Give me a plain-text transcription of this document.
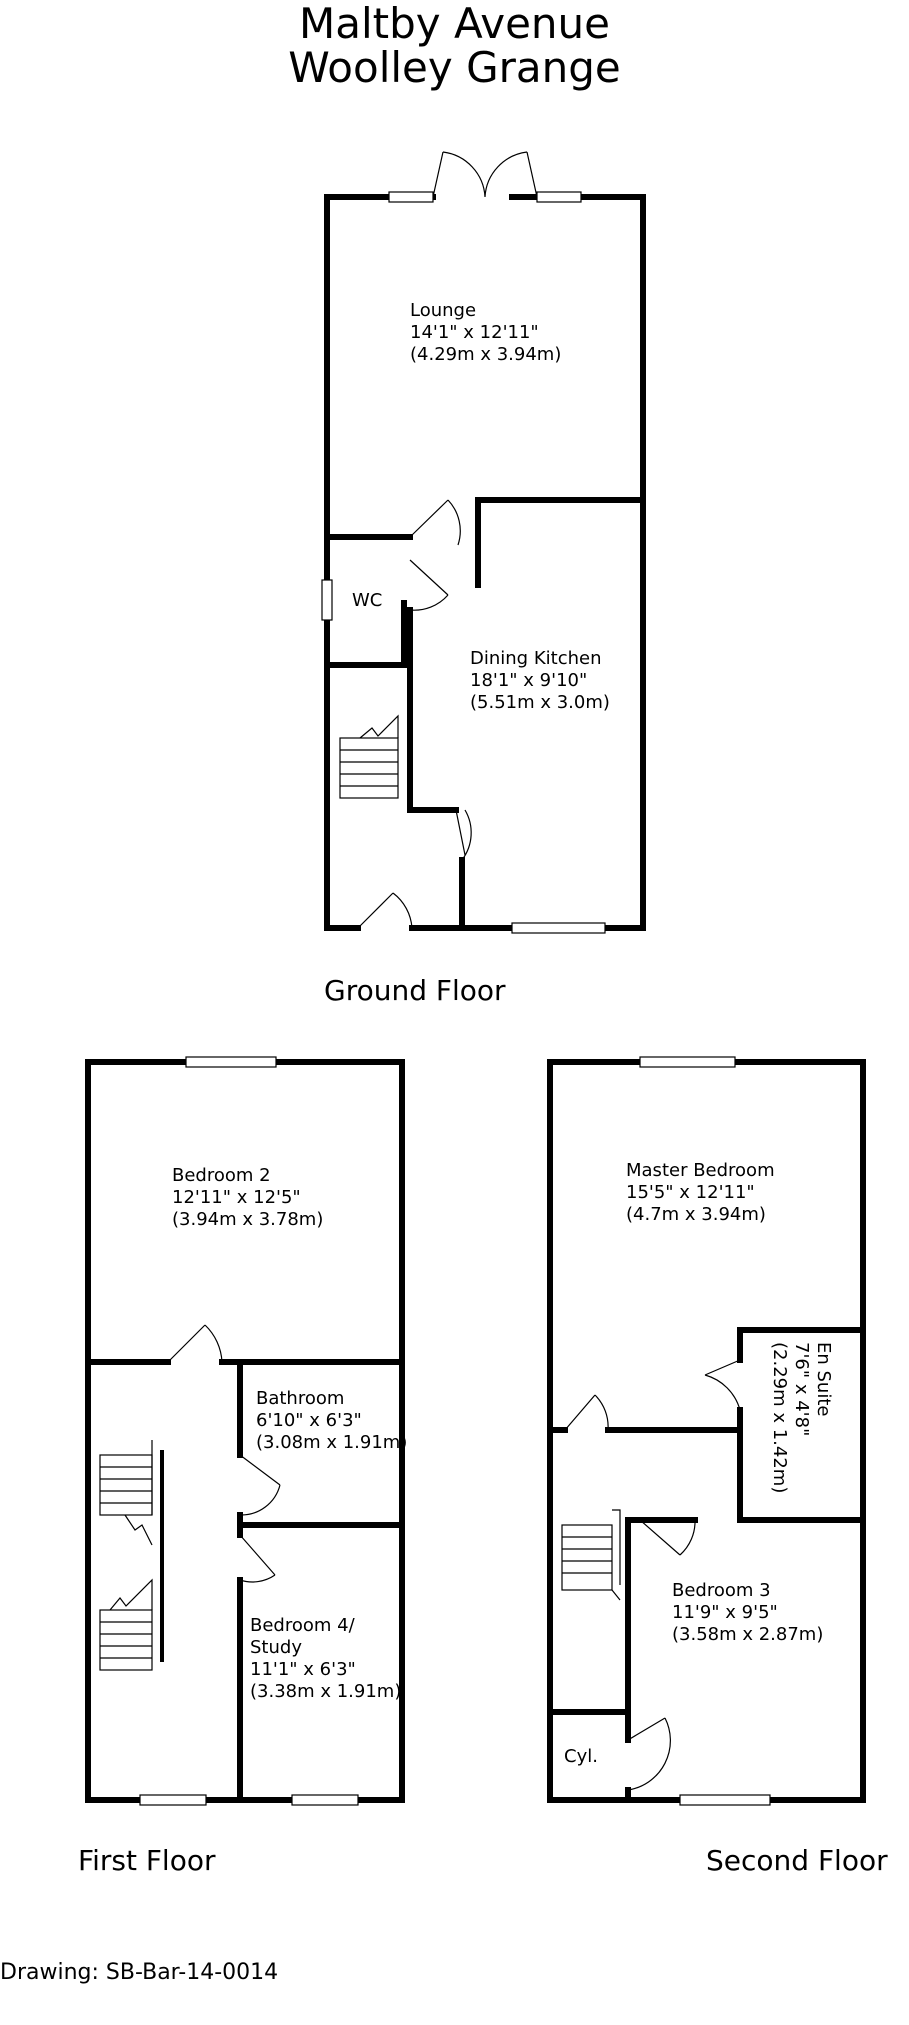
Maltby Avenue
Woolley Grange
Lounge
14'1" x 12'11"
(4.29m x 3.94m)
WC
Dining Kitchen
18'1" x 9'10"
(5.51m x 3.0m)
Ground Floor
Bedroom 2
12'11" x 12'5"
(3.94m x 3.78m)
Bathroom
6'10" x 6'3"
(3.08m x 1.91m)
Bedroom 4/
Study
11'1" x 6'3"
(3.38m x 1.91m)
First Floor
Master Bedroom
15'5" x 12'11"
(4.7m x 3.94m)
En Suite
7'6" x 4'8"
(2.29m x 1.42m)
Bedroom 3
11'9" x 9'5"
(3.58m x 2.87m)
Cyl.
Second Floor
Drawing: SB-Bar-14-0014
